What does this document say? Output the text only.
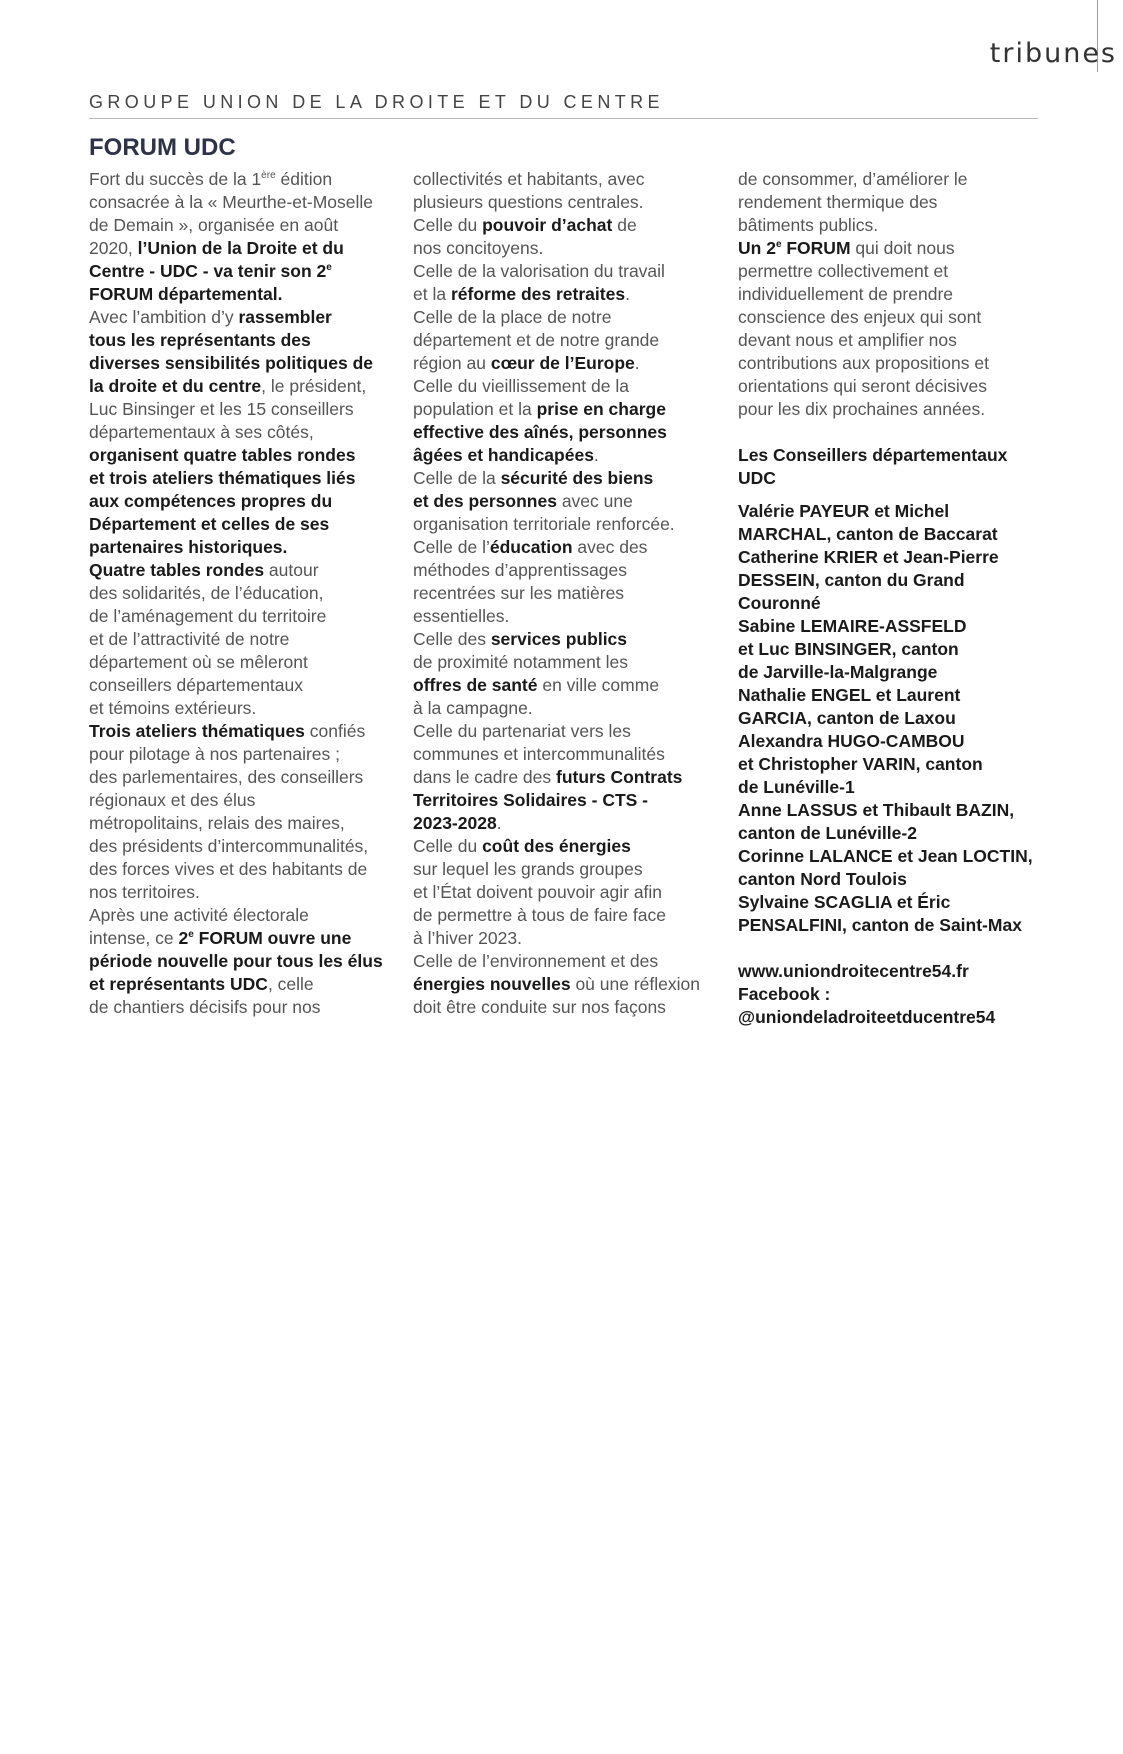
tribunes
GROUPE UNION DE LA DROITE ET DU CENTRE
FORUM UDC

Fort du succès de la 1ère édition

consacrée à la « Meurthe-et-Moselle

de Demain », organisée en août

2020, l’Union de la Droite et du

Centre - UDC - va tenir son 2e

FORUM départemental.

Avec l’ambition d’y rassembler

tous les représentants des

diverses sensibilités politiques de

la droite et du centre, le président,

Luc Binsinger et les 15 conseillers

départementaux à ses côtés,

organisent quatre tables rondes

et trois ateliers thématiques liés

aux compétences propres du

Département et celles de ses

partenaires historiques.

Quatre tables rondes autour

des solidarités, de l’éducation,

de l’aménagement du territoire

et de l’attractivité de notre

département où se mêleront

conseillers départementaux

et témoins extérieurs.

Trois ateliers thématiques confiés

pour pilotage à nos partenaires ;

des parlementaires, des conseillers

régionaux et des élus

métropolitains, relais des maires,

des présidents d’intercommunalités,

des forces vives et des habitants de

nos territoires.

Après une activité électorale

intense, ce 2e FORUM ouvre une

période nouvelle pour tous les élus

et représentants UDC, celle

de chantiers décisifs pour nos

collectivités et habitants, avec

plusieurs questions centrales.

Celle du pouvoir d’achat de

nos concitoyens.

Celle de la valorisation du travail

et la réforme des retraites.

Celle de la place de notre

département et de notre grande

région au cœur de l’Europe.

Celle du vieillissement de la

population et la prise en charge

effective des aînés, personnes

âgées et handicapées.

Celle de la sécurité des biens

et des personnes avec une

organisation territoriale renforcée.

Celle de l’éducation avec des

méthodes d’apprentissages

recentrées sur les matières

essentielles.

Celle des services publics

de proximité notamment les

offres de santé en ville comme

à la campagne.

Celle du partenariat vers les

communes et intercommunalités

dans le cadre des futurs Contrats

Territoires Solidaires - CTS -

2023-2028.

Celle du coût des énergies

sur lequel les grands groupes

et l’État doivent pouvoir agir afin

de permettre à tous de faire face

à l’hiver 2023.

Celle de l’environnement et des

énergies nouvelles où une réflexion

doit être conduite sur nos façons

de consommer, d’améliorer le

rendement thermique des

bâtiments publics.

Un 2e FORUM qui doit nous

permettre collectivement et

individuellement de prendre

conscience des enjeux qui sont

devant nous et amplifier nos

contributions aux propositions et

orientations qui seront décisives

pour les dix prochaines années.

Les Conseillers départementaux

UDC

Valérie PAYEUR et Michel

MARCHAL, canton de Baccarat

Catherine KRIER et Jean-Pierre

DESSEIN, canton du Grand

Couronné

Sabine LEMAIRE-ASSFELD

et Luc BINSINGER, canton

de Jarville-la-Malgrange

Nathalie ENGEL et Laurent

GARCIA, canton de Laxou

Alexandra HUGO-CAMBOU

et Christopher VARIN, canton

de Lunéville-1

Anne LASSUS et Thibault BAZIN,

canton de Lunéville-2

Corinne LALANCE et Jean LOCTIN,

canton Nord Toulois

Sylvaine SCAGLIA et Éric

PENSALFINI, canton de Saint-Max

www.uniondroitecentre54.fr

Facebook :

@uniondeladroiteetducentre54
